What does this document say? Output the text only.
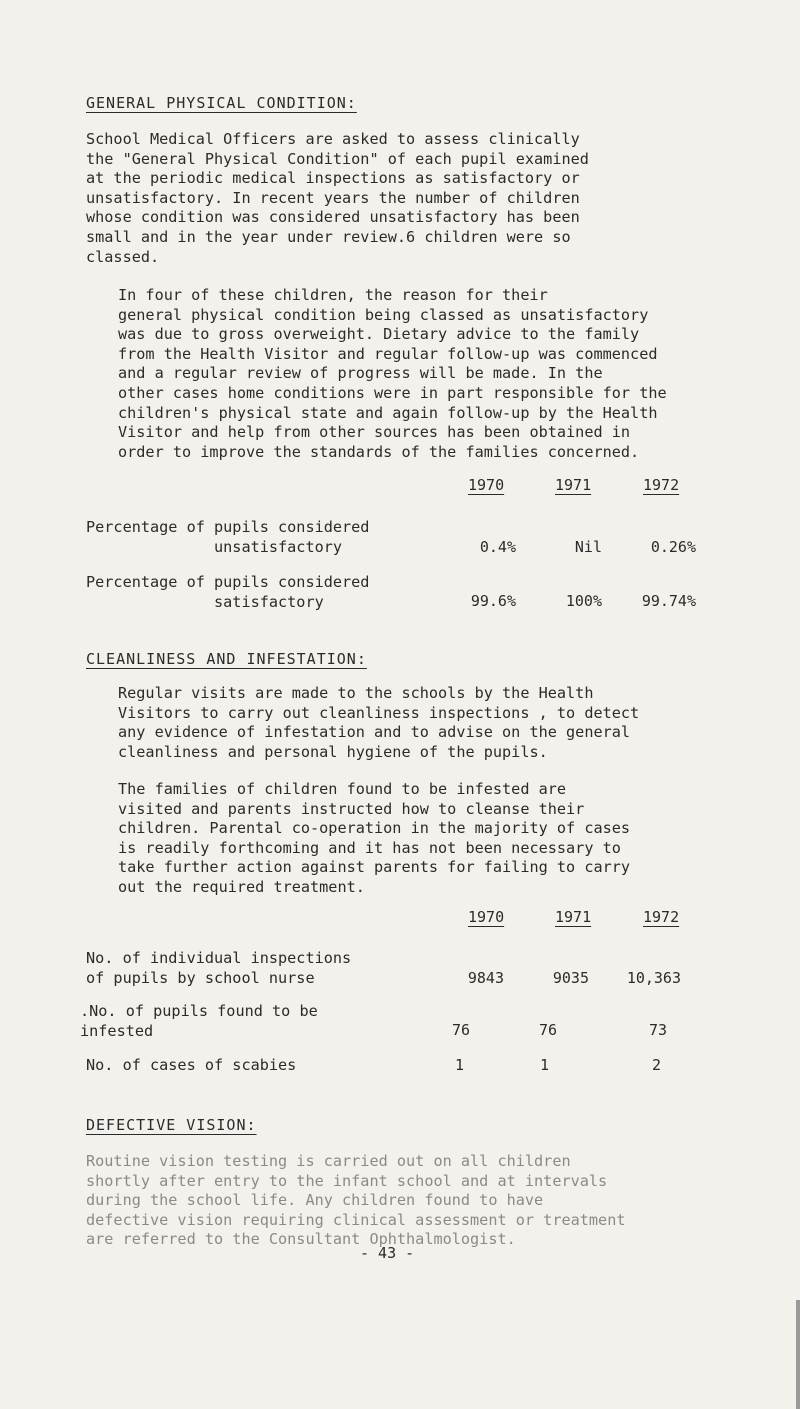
GENERAL PHYSICAL CONDITION:
School Medical Officers are asked to assess clinically
the "General Physical Condition" of each pupil examined
at the periodic medical inspections as satisfactory or
unsatisfactory. In recent years the number of children
whose condition was considered unsatisfactory has been
small and in the year under review.6 children were so
classed.
In four of these children, the reason for their
general physical condition being classed as unsatisfactory
was due to gross overweight. Dietary advice to the family
from the Health Visitor and regular follow-up was commenced
and a regular review of progress will be made. In the
other cases home conditions were in part responsible for the
children's physical state and again follow-up by the Health
Visitor and help from other sources has been obtained in
order to improve the standards of the families concerned.
1970	1971	1972
Percentage of pupils considered
unsatisfactory	0.4%	Nil	0.26%
Percentage of pupils considered
satisfactory	99.6%	100%	99.74%
CLEANLINESS AND INFESTATION:
Regular visits are made to the schools by the Health
Visitors to carry out cleanliness inspections , to detect
any evidence of infestation and to advise on the general
cleanliness and personal hygiene of the pupils.
The families of children found to be infested are
visited and parents instructed how to cleanse their
children. Parental co-operation in the majority of cases
is readily forthcoming and it has not been necessary to
take further action against parents for failing to carry
out the required treatment.
1970	1971	1972
No. of individual inspections
of pupils by school nurse	9843	9035	10,363
.No. of pupils found to be
infested	76	76	73
No. of cases of scabies	1	1	2
DEFECTIVE VISION:
Routine vision testing is carried out on all children
shortly after entry to the infant school and at intervals
during the school life. Any children found to have
defective vision requiring clinical assessment or treatment
are referred to the Consultant Ophthalmologist.
- 43 -
